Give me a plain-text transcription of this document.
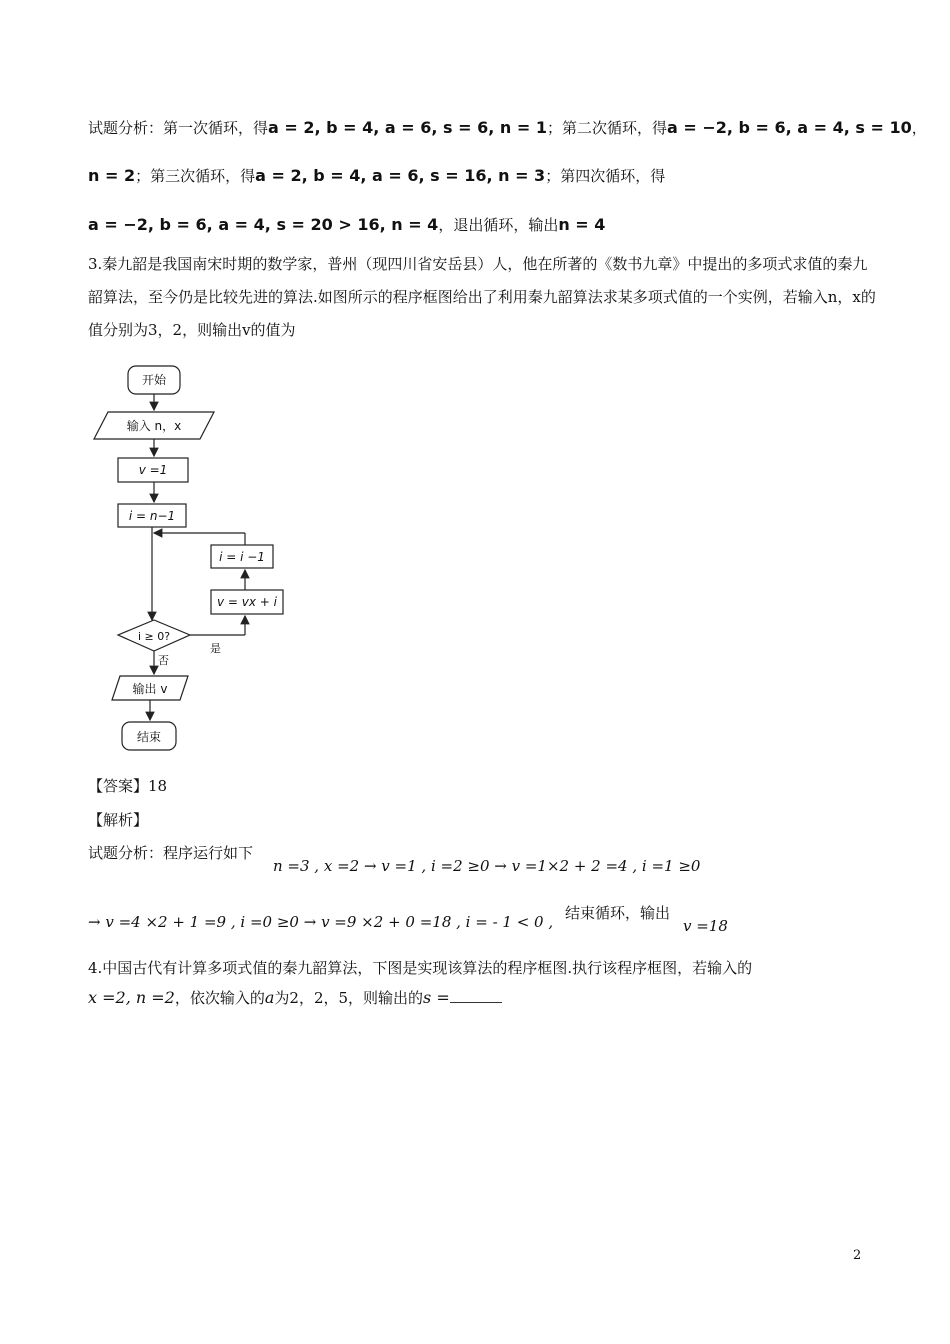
试题分析：第一次循环，得a = 2, b = 4, a = 6, s = 6, n = 1；第二次循环，得a = −2, b = 6, a = 4, s = 10，
n = 2；第三次循环，得a = 2, b = 4, a = 6, s = 16, n = 3；第四次循环，得
a = −2, b = 6, a = 4, s = 20 > 16, n = 4，退出循环，输出n = 4
3.秦九韶是我国南宋时期的数学家，普州（现四川省安岳县）人，他在所著的《数书九章》中提出的多项式求值的秦九韶算法，至今仍是比较先进的算法.如图所示的程序框图给出了利用秦九韶算法求某多项式值的一个实例，若输入n，x的值分别为3，2，则输出v的值为
开始
输入 n，x
v =1
i = n−1
i = i −1
v = vx + i
i ≥ 0?
是
否
输出 v
结束
【答案】18
【解析】
试题分析：程序运行如下
n =3 , x =2 → v =1 , i =2 ≥0 → v =1×2 + 2 =4 , i =1 ≥0
→ v =4 ×2 + 1 =9 , i =0 ≥0 → v =9 ×2 + 0 =18 , i = - 1 < 0 , 结束循环，输出
v =18
4.中国古代有计算多项式值的秦九韶算法，下图是实现该算法的程序框图.执行该程序框图，若输入的
x =2, n =2，依次输入的a为2，2，5，则输出的s =
2
